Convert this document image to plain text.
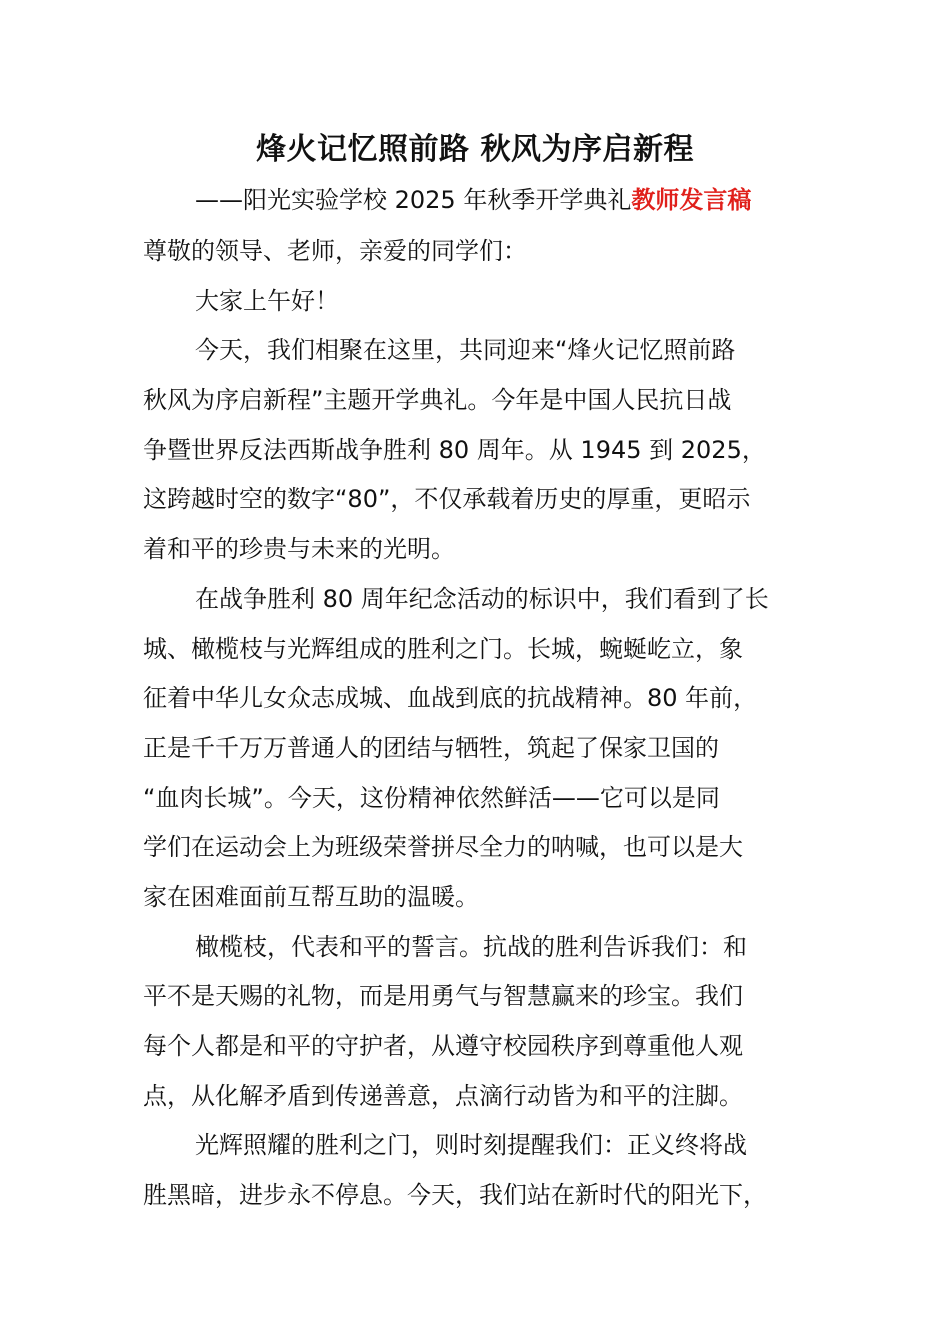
烽火记忆照前路 秋风为序启新程
——阳光实验学校 2025 年秋季开学典礼教师发言稿
尊敬的领导、老师，亲爱的同学们：
大家上午好！
今天，我们相聚在这里，共同迎来“烽火记忆照前路
秋风为序启新程”主题开学典礼。今年是中国人民抗日战
争暨世界反法西斯战争胜利 80 周年。从 1945 到 2025，
这跨越时空的数字“80”，不仅承载着历史的厚重，更昭示
着和平的珍贵与未来的光明。
在战争胜利 80 周年纪念活动的标识中，我们看到了长
城、橄榄枝与光辉组成的胜利之门。长城，蜿蜒屹立，象
征着中华儿女众志成城、血战到底的抗战精神。80 年前，
正是千千万万普通人的团结与牺牲，筑起了保家卫国的
“血肉长城”。今天，这份精神依然鲜活——它可以是同
学们在运动会上为班级荣誉拼尽全力的呐喊，也可以是大
家在困难面前互帮互助的温暖。
橄榄枝，代表和平的誓言。抗战的胜利告诉我们：和
平不是天赐的礼物，而是用勇气与智慧赢来的珍宝。我们
每个人都是和平的守护者，从遵守校园秩序到尊重他人观
点，从化解矛盾到传递善意，点滴行动皆为和平的注脚。
光辉照耀的胜利之门，则时刻提醒我们：正义终将战
胜黑暗，进步永不停息。今天，我们站在新时代的阳光下，
